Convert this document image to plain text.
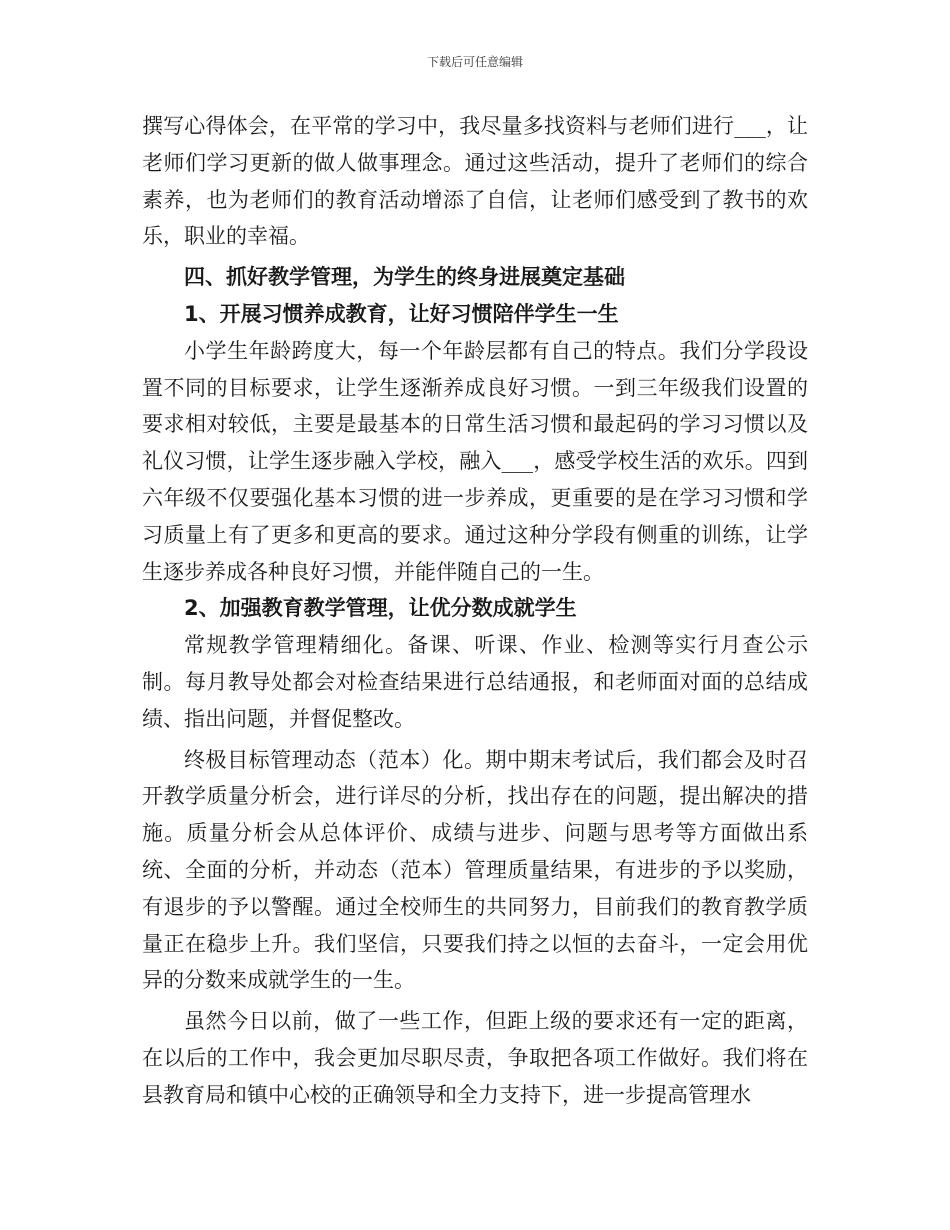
下载后可任意编辑

撰写心得体会，在平常的学习中，我尽量多找资料与老师们进行___，让老师们学习更新的做人做事理念。通过这些活动，提升了老师们的综合素养，也为老师们的教育活动增添了自信，让老师们感受到了教书的欢乐，职业的幸福。

四、抓好教学管理，为学生的终身进展奠定基础

1、开展习惯养成教育，让好习惯陪伴学生一生

小学生年龄跨度大，每一个年龄层都有自己的特点。我们分学段设置不同的目标要求，让学生逐渐养成良好习惯。一到三年级我们设置的要求相对较低，主要是最基本的日常生活习惯和最起码的学习习惯以及礼仪习惯，让学生逐步融入学校，融入___，感受学校生活的欢乐。四到六年级不仅要强化基本习惯的进一步养成，更重要的是在学习习惯和学习质量上有了更多和更高的要求。通过这种分学段有侧重的训练，让学生逐步养成各种良好习惯，并能伴随自己的一生。

2、加强教育教学管理，让优分数成就学生

常规教学管理精细化。备课、听课、作业、检测等实行月查公示制。每月教导处都会对检查结果进行总结通报，和老师面对面的总结成绩、指出问题，并督促整改。

终极目标管理动态（范本）化。期中期末考试后，我们都会及时召开教学质量分析会，进行详尽的分析，找出存在的问题，提出解决的措施。质量分析会从总体评价、成绩与进步、问题与思考等方面做出系统、全面的分析，并动态（范本）管理质量结果，有进步的予以奖励，有退步的予以警醒。通过全校师生的共同努力，目前我们的教育教学质量正在稳步上升。我们坚信，只要我们持之以恒的去奋斗，一定会用优异的分数来成就学生的一生。

虽然今日以前，做了一些工作，但距上级的要求还有一定的距离，在以后的工作中，我会更加尽职尽责，争取把各项工作做好。我们将在县教育局和镇中心校的正确领导和全力支持下，进一步提高管理水
